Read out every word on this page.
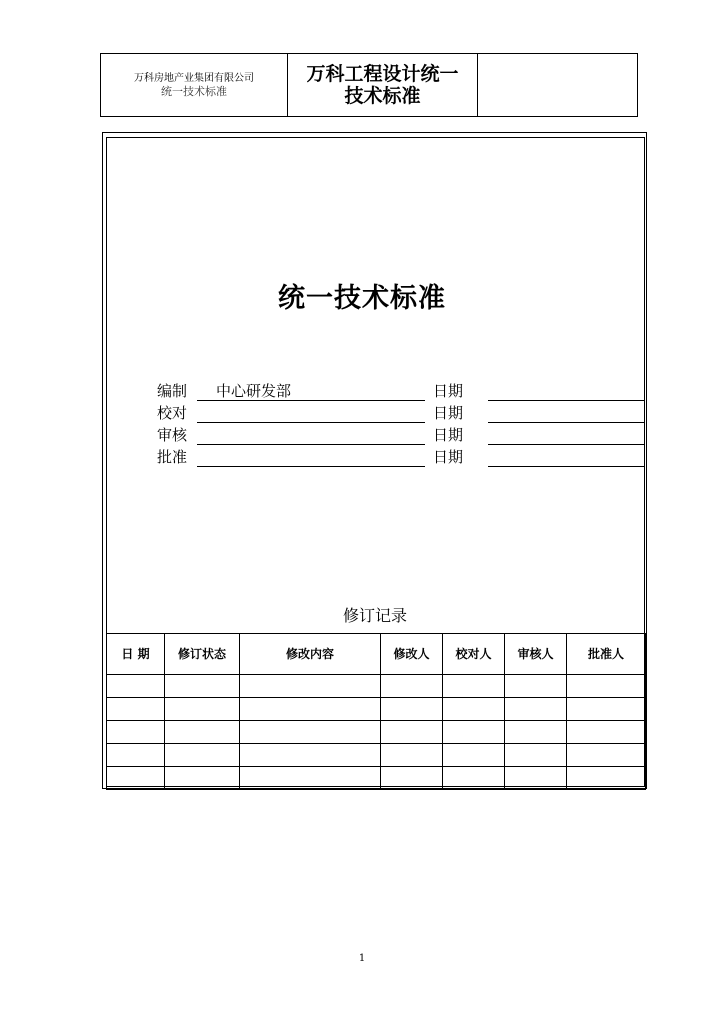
万科房地产业集团有限公司
统一技术标准
万科工程设计统一
技术标准
统一技术标准
编制 中心研发部	日期
校对	日期
审核	日期
批准	日期
修订记录
日 期	修订状态	修改内容	修改人	校对人	审核人	批准人

1
